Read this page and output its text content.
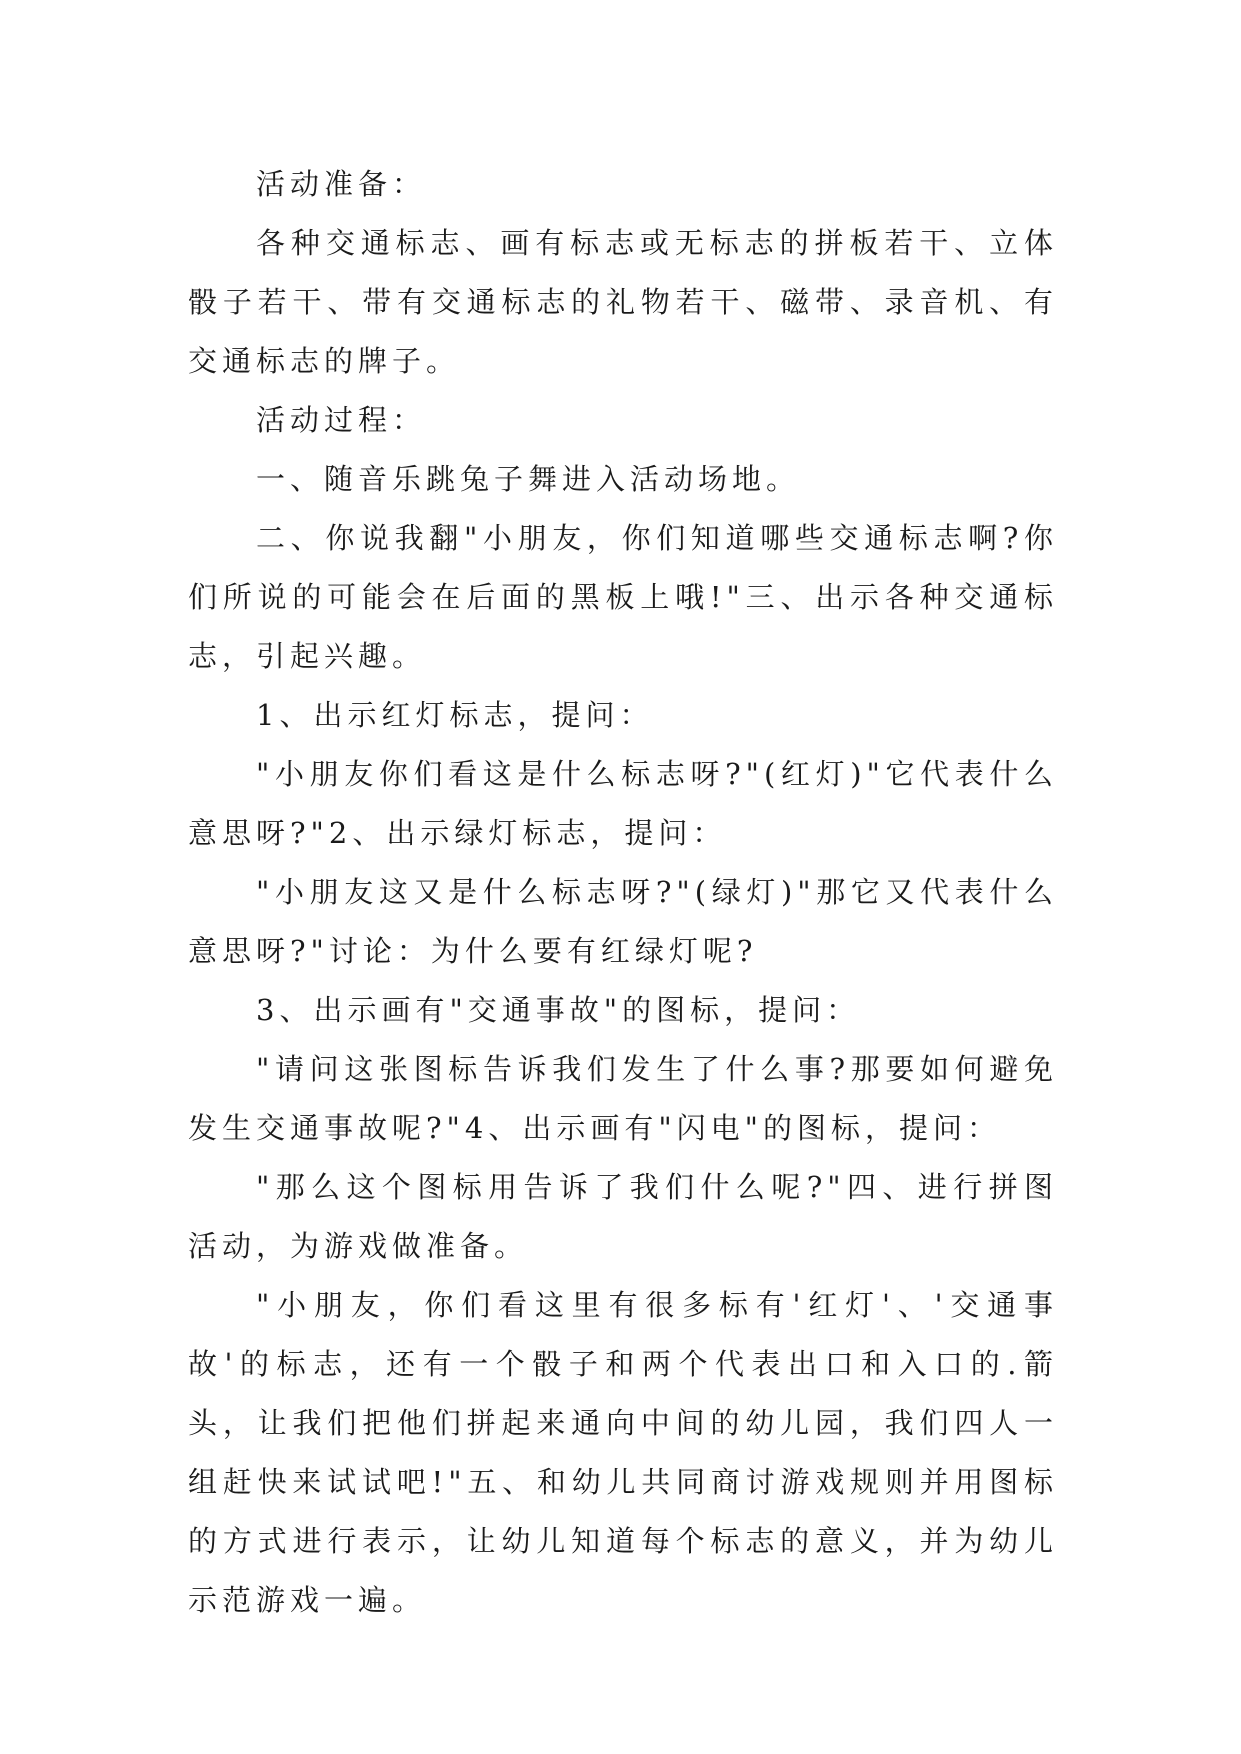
活动准备：

各种交通标志、画有标志或无标志的拼板若干、立体骰子若干、带有交通标志的礼物若干、磁带、录音机、有交通标志的牌子。

活动过程：

一、随音乐跳兔子舞进入活动场地。

二、你说我翻"小朋友，你们知道哪些交通标志啊?你们所说的可能会在后面的黑板上哦!"三、出示各种交通标志，引起兴趣。

1、出示红灯标志，提问：

"小朋友你们看这是什么标志呀?"(红灯)"它代表什么意思呀?"2、出示绿灯标志，提问：

"小朋友这又是什么标志呀?"(绿灯)"那它又代表什么意思呀?"讨论：为什么要有红绿灯呢?

3、出示画有"交通事故"的图标，提问：

"请问这张图标告诉我们发生了什么事?那要如何避免发生交通事故呢?"4、出示画有"闪电"的图标，提问：

"那么这个图标用告诉了我们什么呢?"四、进行拼图活动，为游戏做准备。

"小朋友，你们看这里有很多标有'红灯'、'交通事故'的标志，还有一个骰子和两个代表出口和入口的.箭头，让我们把他们拼起来通向中间的幼儿园，我们四人一组赶快来试试吧!"五、和幼儿共同商讨游戏规则并用图标的方式进行表示，让幼儿知道每个标志的意义，并为幼儿示范游戏一遍。
